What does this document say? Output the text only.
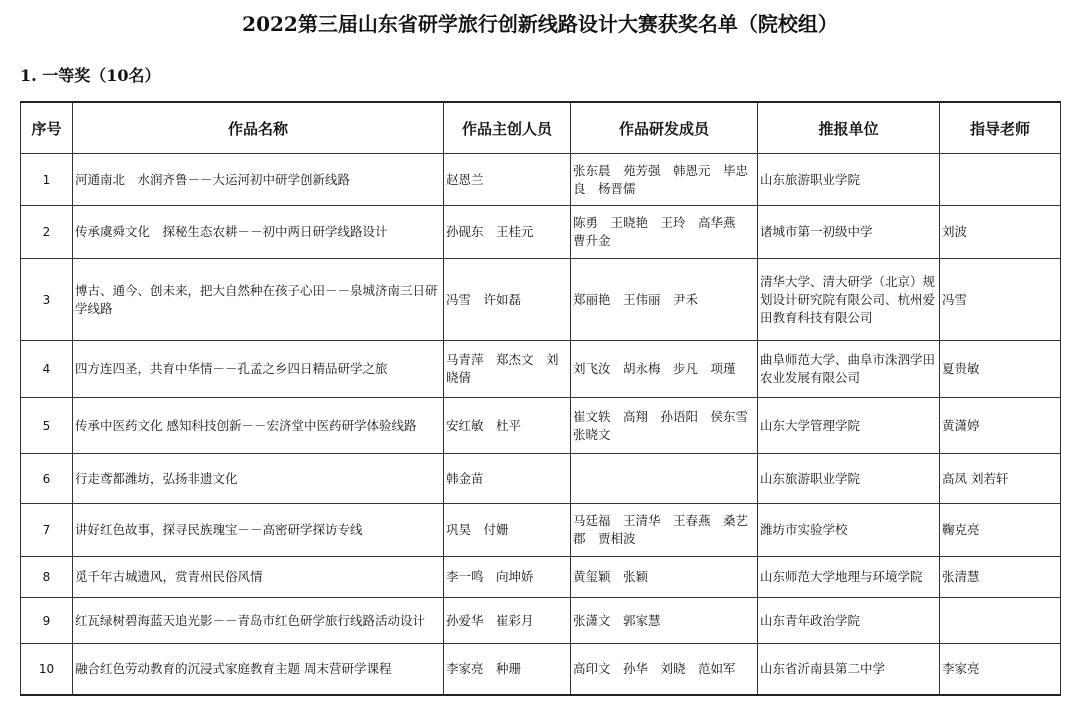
2022第三届山东省研学旅行创新线路设计大赛获奖名单（院校组）
1. 一等奖（10名）
序号	作品名称	作品主创人员	作品研发成员	推报单位	指导老师
1	河通南北　水润齐鲁－－大运河初中研学创新线路	赵恩兰	张东晨　苑芳强　韩恩元　毕忠良　杨晋儒	山东旅游职业学院	
2	传承虞舜文化　探秘生态农耕－－初中两日研学线路设计	孙砚东　王桂元	陈勇　王晓艳　王玲　高华燕　曹升金	诸城市第一初级中学	刘波
3	博古、通今、创未来，把大自然种在孩子心田－－泉城济南三日研学线路	冯雪　许如磊	郑丽艳　王伟丽　尹禾	清华大学、清大研学（北京）规划设计研究院有限公司、杭州爱田教育科技有限公司	冯雪
4	四方连四圣，共育中华情－－孔孟之乡四日精品研学之旅	马青萍　郑杰文　刘晓倩	刘飞汝　胡永梅　步凡　项瑾	曲阜师范大学、曲阜市洙泗学田农业发展有限公司	夏贵敏
5	传承中医药文化 感知科技创新－－宏济堂中医药研学体验线路	安红敏　杜平	崔文轶　高翔　孙语阳　侯东雪　张晓文	山东大学管理学院	黄潇婷
6	行走鸢都潍坊，弘扬非遗文化	韩金苗		山东旅游职业学院	高凤 刘若轩
7	讲好红色故事，探寻民族瑰宝－－高密研学探访专线	巩昊　付姗	马廷福　王清华　王春燕　桑艺郡　贾相波	潍坊市实验学校	鞠克亮
8	觅千年古城遗风，赏青州民俗风情	李一鸣　向坤娇	黄玺颖　张颖	山东师范大学地理与环境学院	张清慧
9	红瓦绿树碧海蓝天追光影－－青岛市红色研学旅行线路活动设计	孙爱华　崔彩月	张潇文　郭家慧	山东青年政治学院	
10	融合红色劳动教育的沉浸式家庭教育主题 周末营研学课程	李家亮　种珊	高印文　孙华　刘晓　范如军	山东省沂南县第二中学	李家亮
